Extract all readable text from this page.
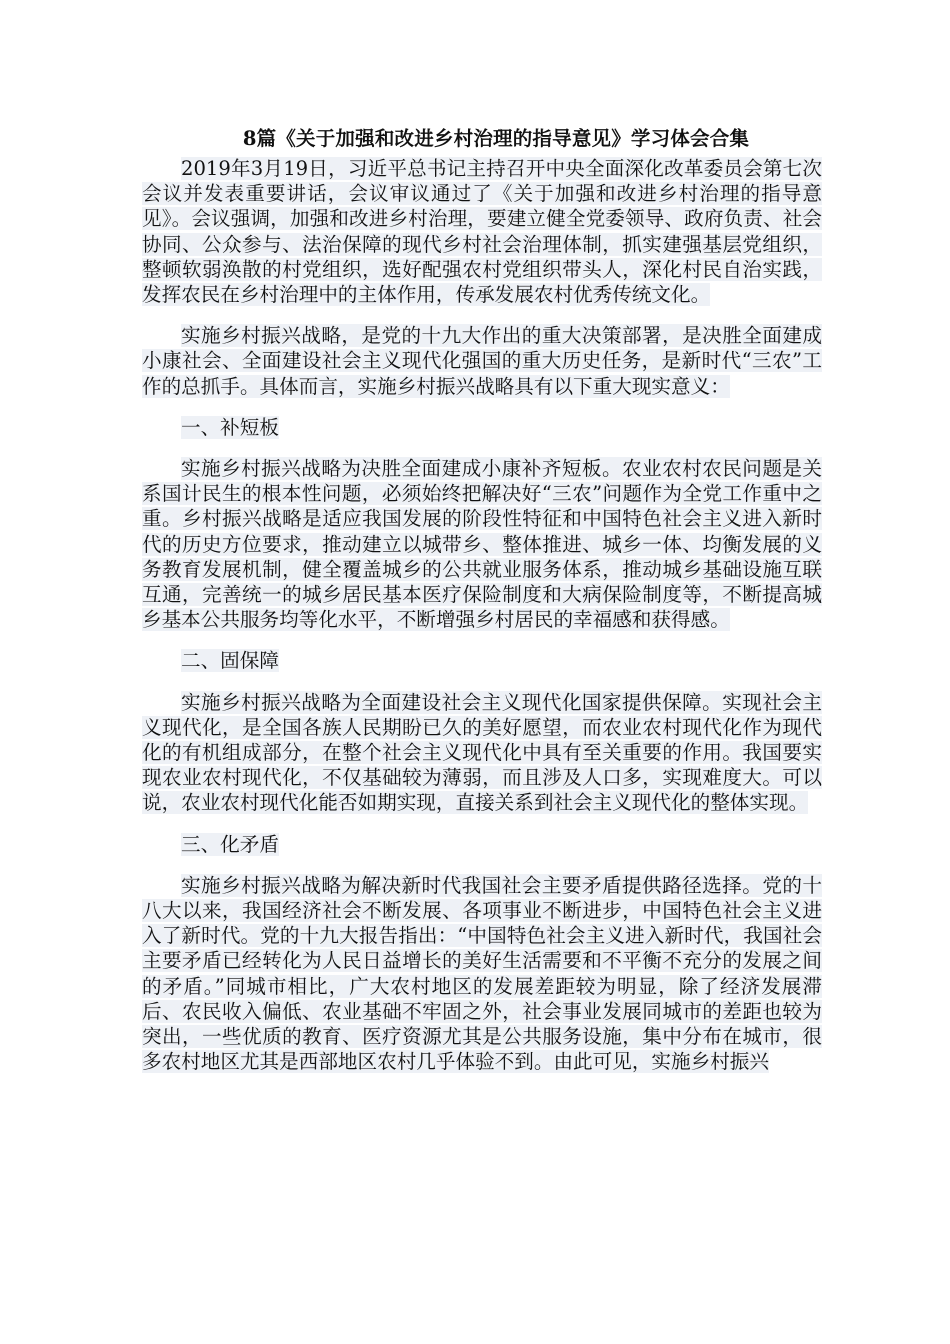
8篇《关于加强和改进乡村治理的指导意见》学习体会合集

2019年3月19日，习近平总书记主持召开中央全面深化改革委员会第七次会议并发表重要讲话，会议审议通过了《关于加强和改进乡村治理的指导意见》。会议强调，加强和改进乡村治理，要建立健全党委领导、政府负责、社会协同、公众参与、法治保障的现代乡村社会治理体制，抓实建强基层党组织，整顿软弱涣散的村党组织，选好配强农村党组织带头人，深化村民自治实践，发挥农民在乡村治理中的主体作用，传承发展农村优秀传统文化。

实施乡村振兴战略，是党的十九大作出的重大决策部署，是决胜全面建成小康社会、全面建设社会主义现代化强国的重大历史任务，是新时代“三农”工作的总抓手。具体而言，实施乡村振兴战略具有以下重大现实意义：

一、补短板

实施乡村振兴战略为决胜全面建成小康补齐短板。农业农村农民问题是关系国计民生的根本性问题，必须始终把解决好“三农”问题作为全党工作重中之重。乡村振兴战略是适应我国发展的阶段性特征和中国特色社会主义进入新时代的历史方位要求，推动建立以城带乡、整体推进、城乡一体、均衡发展的义务教育发展机制，健全覆盖城乡的公共就业服务体系，推动城乡基础设施互联互通，完善统一的城乡居民基本医疗保险制度和大病保险制度等，不断提高城乡基本公共服务均等化水平，不断增强乡村居民的幸福感和获得感。

二、固保障

实施乡村振兴战略为全面建设社会主义现代化国家提供保障。实现社会主义现代化，是全国各族人民期盼已久的美好愿望，而农业农村现代化作为现代化的有机组成部分，在整个社会主义现代化中具有至关重要的作用。我国要实现农业农村现代化，不仅基础较为薄弱，而且涉及人口多，实现难度大。可以说，农业农村现代化能否如期实现，直接关系到社会主义现代化的整体实现。

三、化矛盾

实施乡村振兴战略为解决新时代我国社会主要矛盾提供路径选择。党的十八大以来，我国经济社会不断发展、各项事业不断进步，中国特色社会主义进入了新时代。党的十九大报告指出：“中国特色社会主义进入新时代，我国社会主要矛盾已经转化为人民日益增长的美好生活需要和不平衡不充分的发展之间的矛盾。”同城市相比，广大农村地区的发展差距较为明显，除了经济发展滞后、农民收入偏低、农业基础不牢固之外，社会事业发展同城市的差距也较为突出，一些优质的教育、医疗资源尤其是公共服务设施，集中分布在城市，很多农村地区尤其是西部地区农村几乎体验不到。由此可见，实施乡村振兴
